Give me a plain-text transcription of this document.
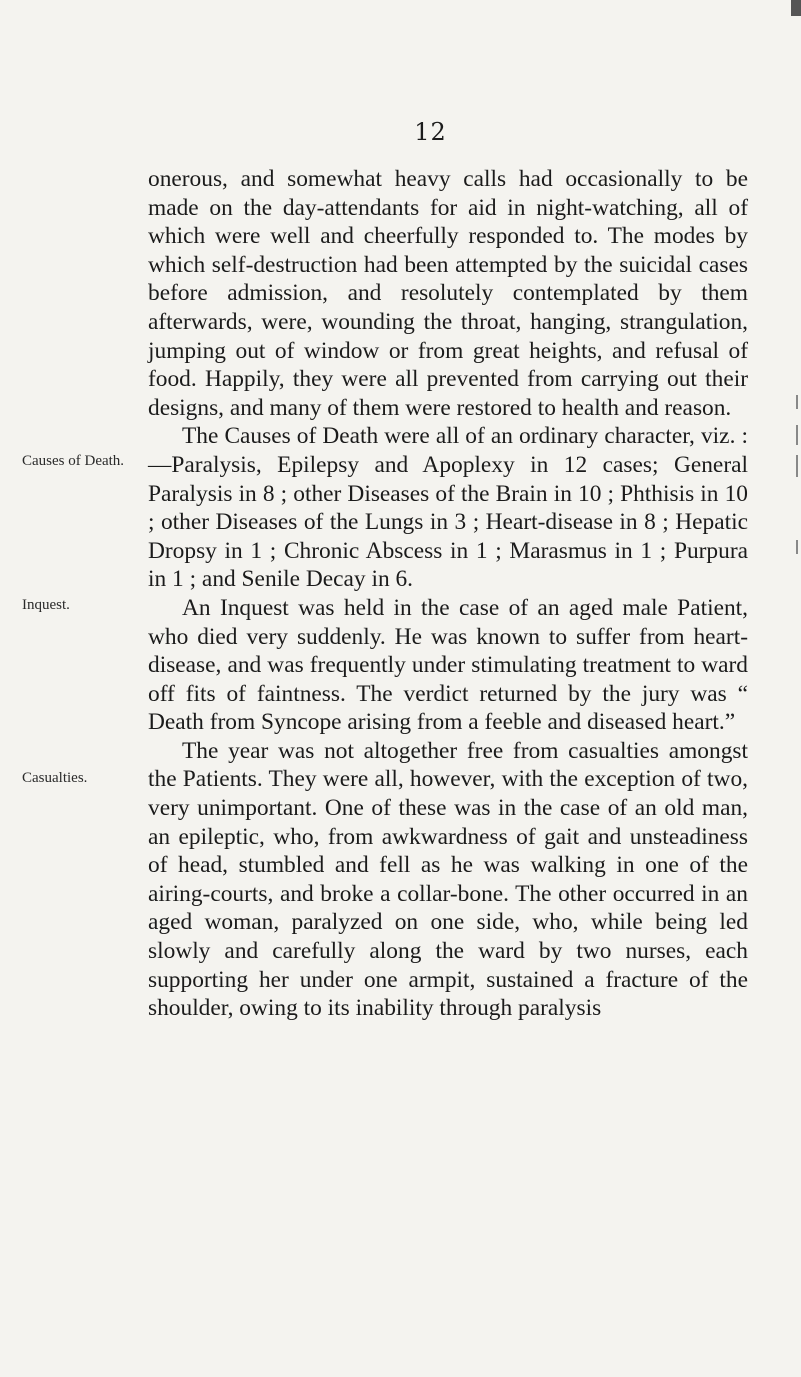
12
Causes of Death.
Inquest.
Casualties.

onerous, and somewhat heavy calls had occasionally to be made on the day-attendants for aid in night-watching, all of which were well and cheerfully responded to. The modes by which self-destruction had been attempted by the suicidal cases before admission, and resolutely contemplated by them afterwards, were, wounding the throat, hanging, strangulation, jumping out of window or from great heights, and refusal of food. Happily, they were all prevented from carrying out their designs, and many of them were restored to health and reason.

The Causes of Death were all of an ordinary character, viz. :—Paralysis, Epilepsy and Apoplexy in 12 cases; General Paralysis in 8 ; other Diseases of the Brain in 10 ; Phthisis in 10 ; other Diseases of the Lungs in 3 ; Heart-disease in 8 ; Hepatic Dropsy in 1 ; Chronic Abscess in 1 ; Marasmus in 1 ; Purpura in 1 ; and Senile Decay in 6.

An Inquest was held in the case of an aged male Patient, who died very suddenly. He was known to suffer from heart-disease, and was frequently under stimulating treatment to ward off fits of faintness. The verdict returned by the jury was “ Death from Syncope arising from a feeble and diseased heart.”

The year was not altogether free from casualties amongst the Patients. They were all, however, with the exception of two, very unimportant. One of these was in the case of an old man, an epileptic, who, from awkwardness of gait and unsteadiness of head, stumbled and fell as he was walking in one of the airing-courts, and broke a collar-bone. The other occurred in an aged woman, paralyzed on one side, who, while being led slowly and carefully along the ward by two nurses, each supporting her under one armpit, sustained a fracture of the shoulder, owing to its inability through paralysis
